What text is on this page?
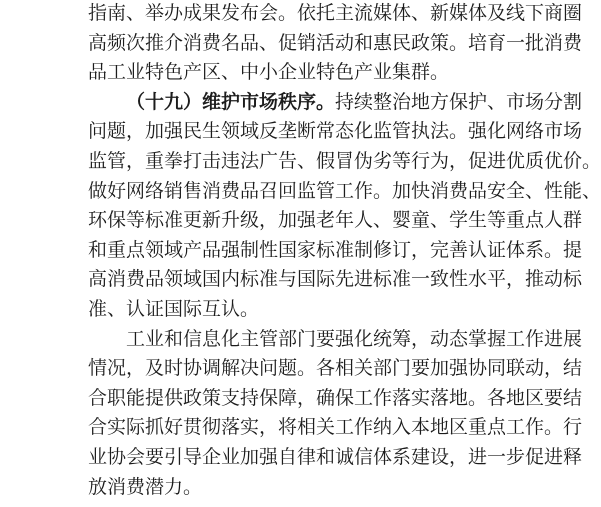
指南、举办成果发布会。依托主流媒体、新媒体及线下商圈

高频次推介消费名品、促销活动和惠民政策。培育一批消费

品工业特色产区、中小企业特色产业集群。

（十九）维护市场秩序。持续整治地方保护、市场分割

问题，加强民生领域反垄断常态化监管执法。强化网络市场

监管，重拳打击违法广告、假冒伪劣等行为，促进优质优价。

做好网络销售消费品召回监管工作。加快消费品安全、性能、

环保等标准更新升级，加强老年人、婴童、学生等重点人群

和重点领域产品强制性国家标准制修订，完善认证体系。提

高消费品领域国内标准与国际先进标准一致性水平，推动标

准、认证国际互认。

工业和信息化主管部门要强化统筹，动态掌握工作进展

情况，及时协调解决问题。各相关部门要加强协同联动，结

合职能提供政策支持保障，确保工作落实落地。各地区要结

合实际抓好贯彻落实，将相关工作纳入本地区重点工作。行

业协会要引导企业加强自律和诚信体系建设，进一步促进释

放消费潜力。
